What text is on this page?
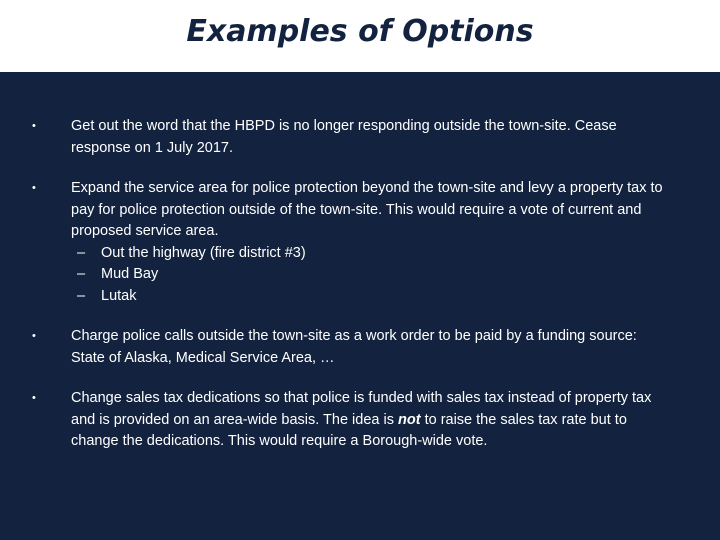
Examples of Options
• Get out the word that the HBPD is no longer responding outside the town-site. Cease response on 1 July 2017.
• Expand the service area for police protection beyond the town-site and levy a property tax to pay for police protection outside of the town-site. This would require a vote of current and proposed service area.
– Out the highway (fire district #3)
– Mud Bay
– Lutak
• Charge police calls outside the town-site as a work order to be paid by a funding source: State of Alaska, Medical Service Area, …
• Change sales tax dedications so that police is funded with sales tax instead of property tax and is provided on an area-wide basis. The idea is not to raise the sales tax rate but to change the dedications. This would require a Borough-wide vote.
